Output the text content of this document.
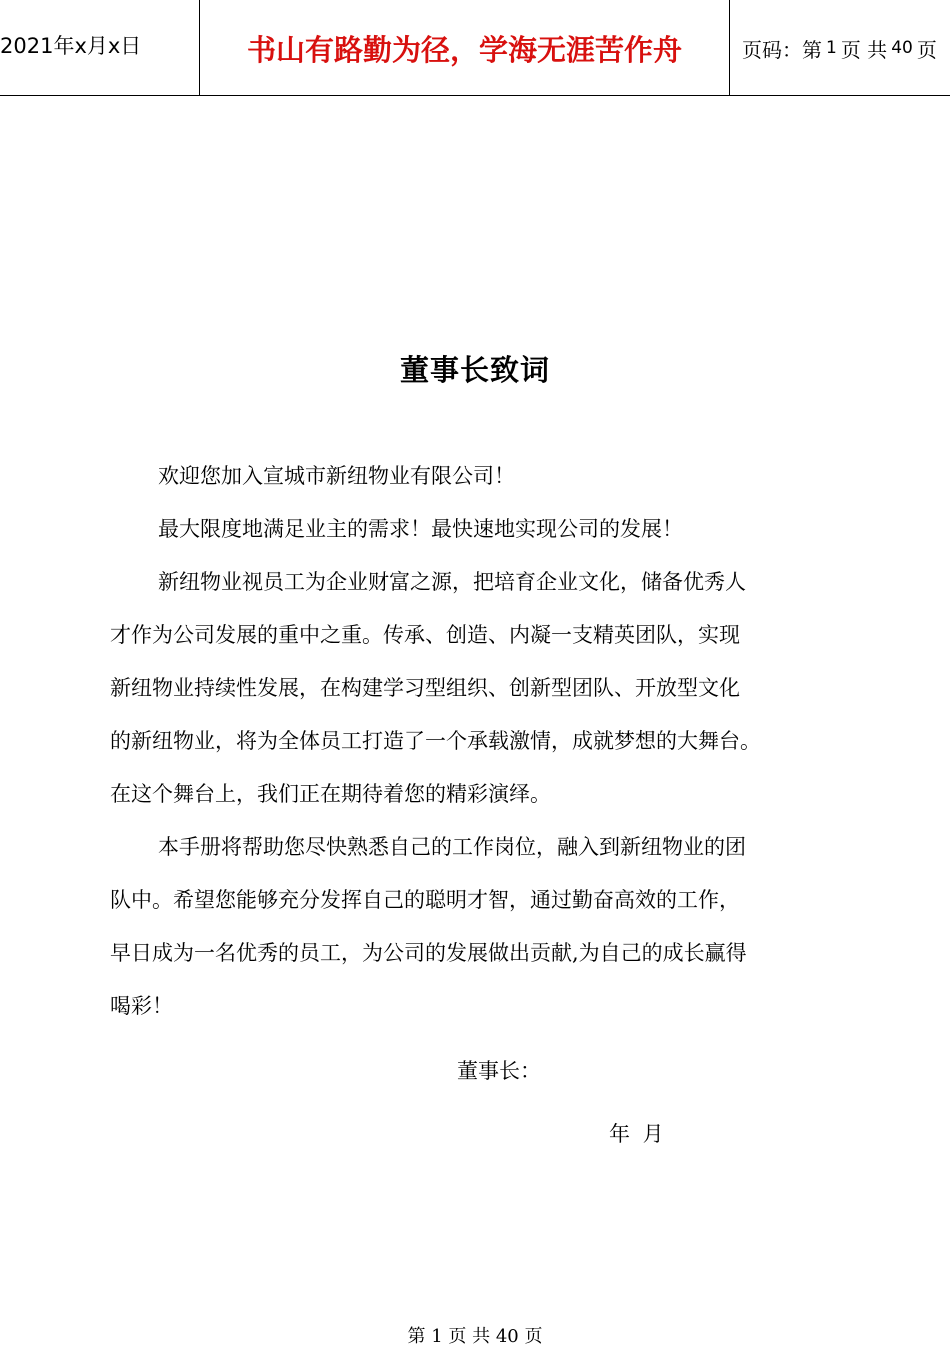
2021年x月x日	书山有路勤为径，学海无涯苦作舟	页码：第 1 页 共 40 页
董事长致词

欢迎您加入宣城市新纽物业有限公司！

最大限度地满足业主的需求！最快速地实现公司的发展！

新纽物业视员工为企业财富之源，把培育企业文化，储备优秀人
才作为公司发展的重中之重。传承、创造、内凝一支精英团队，实现
新纽物业持续性发展，在构建学习型组织、创新型团队、开放型文化
的新纽物业，将为全体员工打造了一个承载激情，成就梦想的大舞台。
在这个舞台上，我们正在期待着您的精彩演绎。

本手册将帮助您尽快熟悉自己的工作岗位，融入到新纽物业的团
队中。希望您能够充分发挥自己的聪明才智，通过勤奋高效的工作，
早日成为一名优秀的员工，为公司的发展做出贡献,为自己的成长赢得
喝彩！

董事长：
年 月
第 1 页 共 40 页
